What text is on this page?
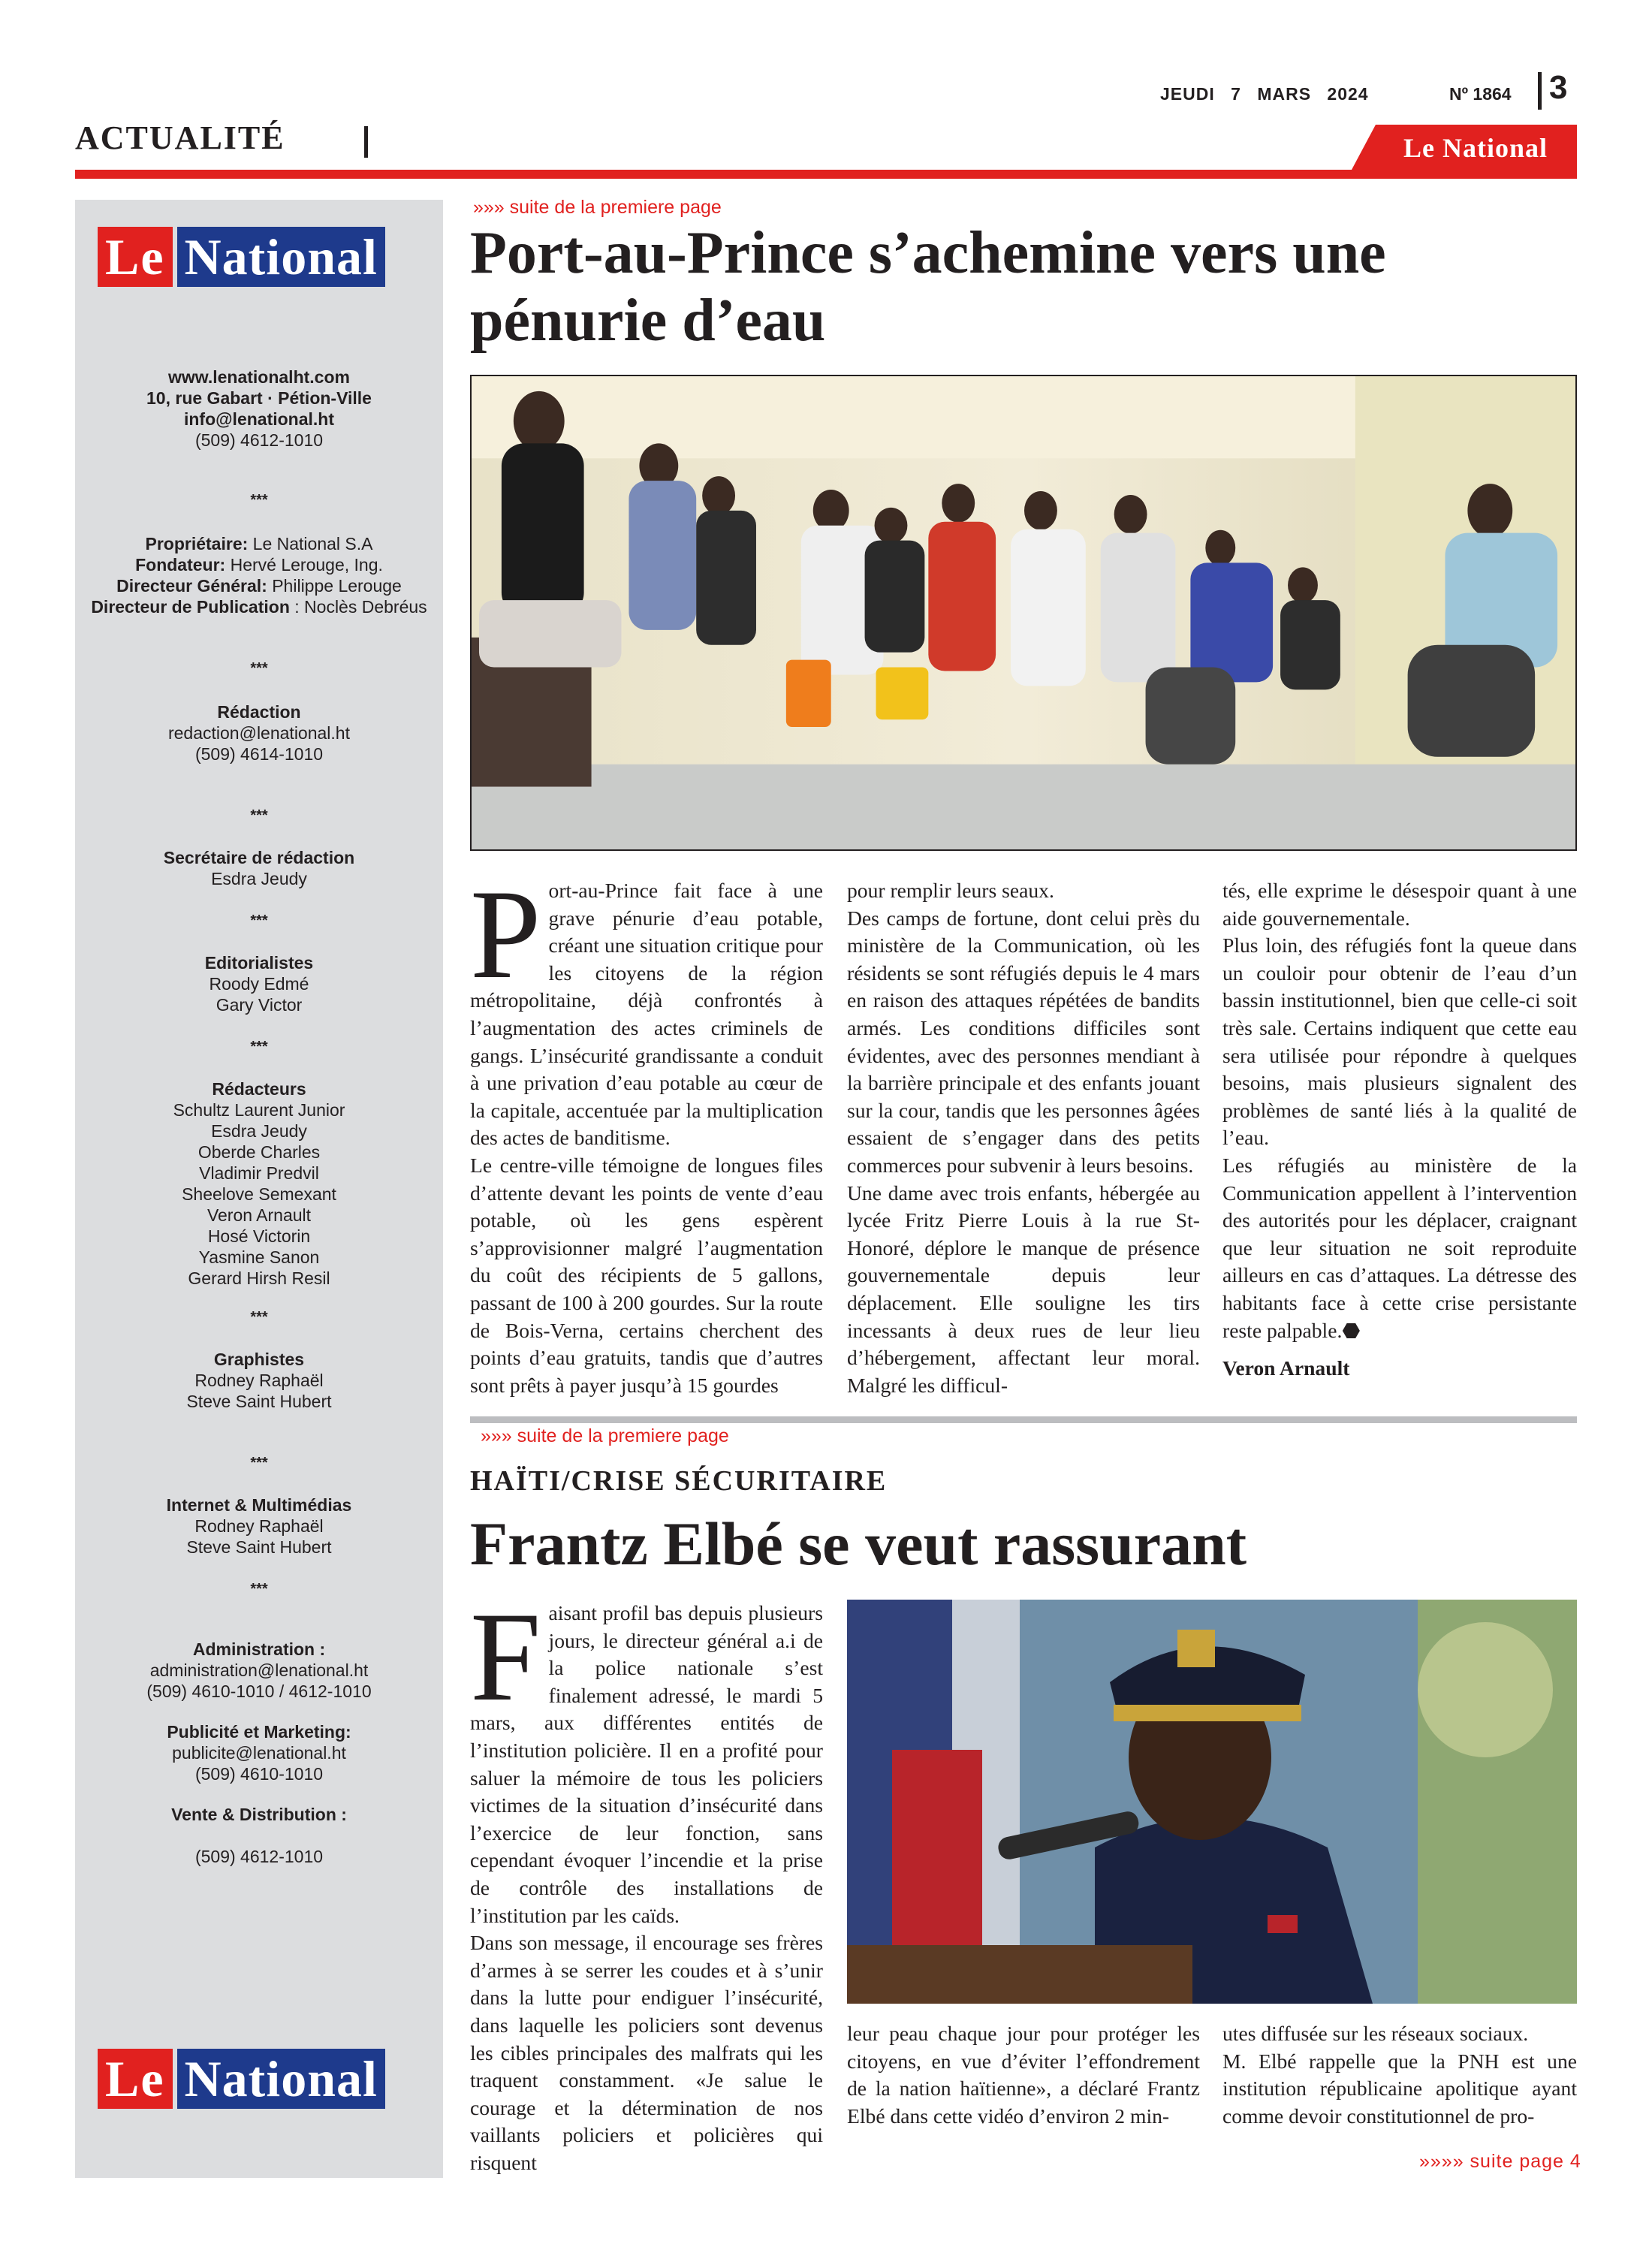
JEUDI 7 MARS 2024	Nº 1864 3
ACTUALITÉ	Le National
Le National
www.lenationalht.com
10, rue Gabart · Pétion-Ville
info@lenational.ht
(509) 4612-1010
***
Propriétaire: Le National S.A
Fondateur: Hervé Lerouge, Ing.
Directeur Général: Philippe Lerouge
Directeur de Publication : Noclès Debréus
***
Rédaction
redaction@lenational.ht
(509) 4614-1010
***
Secrétaire de rédaction
Esdra Jeudy
***
Editorialistes
Roody Edmé
Gary Victor
***
Rédacteurs
Schultz Laurent Junior
Esdra Jeudy
Oberde Charles
Vladimir Predvil
Sheelove Semexant
Veron Arnault
Hosé Victorin
Yasmine Sanon
Gerard Hirsh Resil
***
Graphistes
Rodney Raphaël
Steve Saint Hubert
***
Internet & Multimédias
Rodney Raphaël
Steve Saint Hubert
***
Administration :
administration@lenational.ht
(509) 4610-1010 / 4612-1010
Publicité et Marketing:
publicite@lenational.ht
(509) 4610-1010
Vente & Distribution :
(509) 4612-1010
Le National
»»» suite de la premiere page
Port-au-Prince s’achemine vers une pénurie d’eau
P ort-au-Prince fait face à une grave pénurie d’eau potable, créant une situation critique pour les citoyens de la région métropolitaine, déjà confrontés à l’augmentation des actes criminels de gangs. L’insécurité grandissante a conduit à une privation d’eau potable au cœur de la capitale, accentuée par la multiplication des actes de banditisme.

Le centre-ville témoigne de longues files d’attente devant les points de vente d’eau potable, où les gens espèrent s’approvisionner malgré l’augmentation du coût des récipients de 5 gallons, passant de 100 à 200 gourdes. Sur la route de Bois-Verna, certains cherchent des points d’eau gratuits, tandis que d’autres sont prêts à payer jusqu’à 15 gourdes

pour remplir leurs seaux.

Des camps de fortune, dont celui près du ministère de la Communication, où les résidents se sont réfugiés depuis le 4 mars en raison des attaques répétées de bandits armés. Les conditions difficiles sont évidentes, avec des personnes mendiant à la barrière principale et des enfants jouant sur la cour, tandis que les personnes âgées essaient de s’engager dans des petits commerces pour subvenir à leurs besoins.

Une dame avec trois enfants, hébergée au lycée Fritz Pierre Louis à la rue St-Honoré, déplore le manque de présence gouvernementale depuis leur déplacement. Elle souligne les tirs incessants à deux rues de leur lieu d’hébergement, affectant leur moral. Malgré les difficul-

tés, elle exprime le désespoir quant à une aide gouvernementale.

Plus loin, des réfugiés font la queue dans un couloir pour obtenir de l’eau d’un bassin institutionnel, bien que celle-ci soit très sale. Certains indiquent que cette eau sera utilisée pour répondre à quelques besoins, mais plusieurs signalent des problèmes de santé liés à la qualité de l’eau.

Les réfugiés au ministère de la Communication appellent à l’intervention des autorités pour les déplacer, craignant que leur situation ne soit reproduite ailleurs en cas d’attaques. La détresse des habitants face à cette crise persistante reste palpable.⬣

Veron Arnault

»»» suite de la premiere page
HAÏTI/CRISE SÉCURITAIRE
Frantz Elbé se veut rassurant
F aisant profil bas depuis plusieurs jours, le directeur général a.i de la police nationale s’est finalement adressé, le mardi 5 mars, aux différentes entités de l’institution policière. Il en a profité pour saluer la mémoire de tous les policiers victimes de la situation d’insécurité dans l’exercice de leur fonction, sans cependant évoquer l’incendie et la prise de contrôle des installations de l’institution par les caïds.

Dans son message, il encourage ses frères d’armes à se serrer les coudes et à s’unir dans la lutte pour endiguer l’insécurité, dans laquelle les policiers sont devenus les cibles principales des malfrats qui les traquent constamment. «Je salue le courage et la détermination de nos vaillants policiers et policières qui risquent

leur peau chaque jour pour protéger les citoyens, en vue d’éviter l’effondrement de la nation haïtienne», a déclaré Frantz Elbé dans cette vidéo d’environ 2 min-

utes diffusée sur les réseaux sociaux.

M. Elbé rappelle que la PNH est une institution républicaine apolitique ayant comme devoir constitutionnel de pro-

»»»» suite page 4
